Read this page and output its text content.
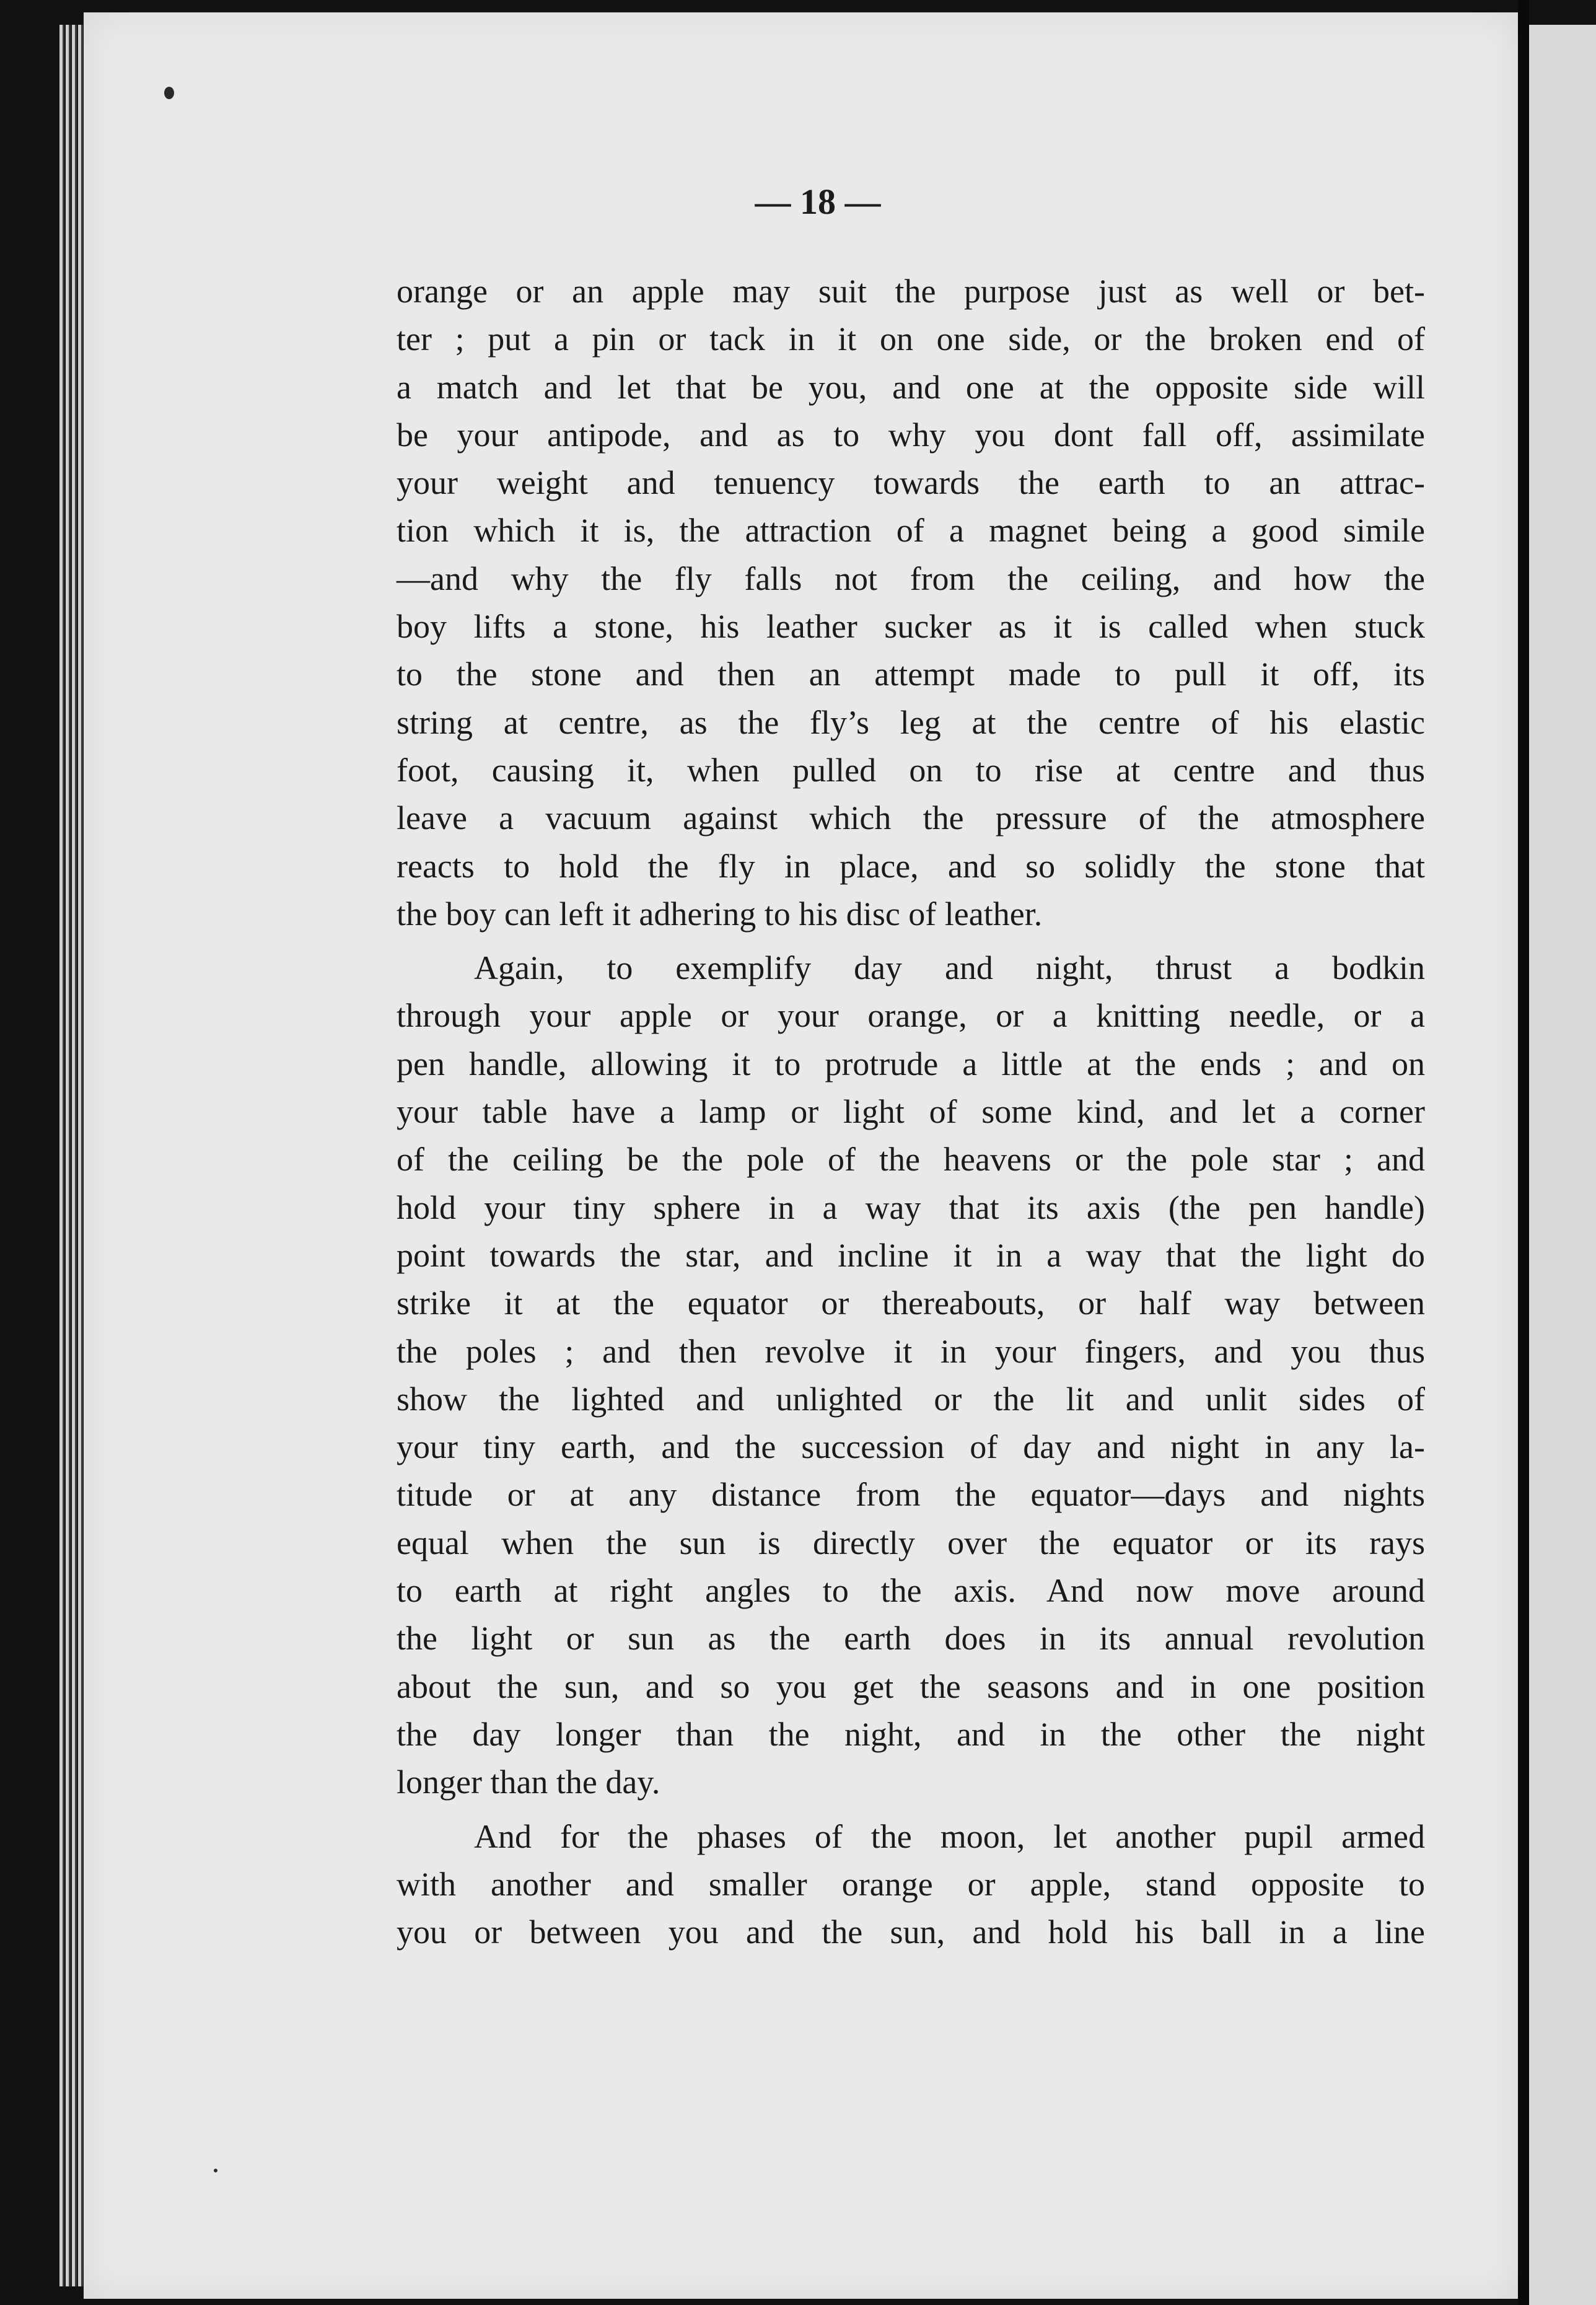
— 18 —
orange or an apple may suit the purpose just as well or bet-
ter ; put a pin or tack in it on one side, or the broken end of
a match and let that be you, and one at the opposite side will
be your antipode, and as to why you dont fall off, assimilate
your weight and tenuency towards the earth to an attrac-
tion which it is, the attraction of a magnet being a good simile
—and why the fly falls not from the ceiling, and how the
boy lifts a stone, his leather sucker as it is called when stuck
to the stone and then an attempt made to pull it off, its
string at centre, as the fly’s leg at the centre of his elastic
foot, causing it, when pulled on to rise at centre and thus
leave a vacuum against which the pressure of the atmosphere
reacts to hold the fly in place, and so solidly the stone that
the boy can left it adhering to his disc of leather.
Again, to exemplify day and night, thrust a bodkin
through your apple or your orange, or a knitting needle, or a
pen handle, allowing it to protrude a little at the ends ; and on
your table have a lamp or light of some kind, and let a corner
of the ceiling be the pole of the heavens or the pole star ; and
hold your tiny sphere in a way that its axis (the pen handle)
point towards the star, and incline it in a way that the light do
strike it at the equator or thereabouts, or half way between
the poles ; and then revolve it in your fingers, and you thus
show the lighted and unlighted or the lit and unlit sides of
your tiny earth, and the succession of day and night in any la-
titude or at any distance from the equator—days and nights
equal when the sun is directly over the equator or its rays
to earth at right angles to the axis. And now move around
the light or sun as the earth does in its annual revolution
about the sun, and so you get the seasons and in one position
the day longer than the night, and in the other the night
longer than the day.
And for the phases of the moon, let another pupil armed
with another and smaller orange or apple, stand opposite to
you or between you and the sun, and hold his ball in a line
